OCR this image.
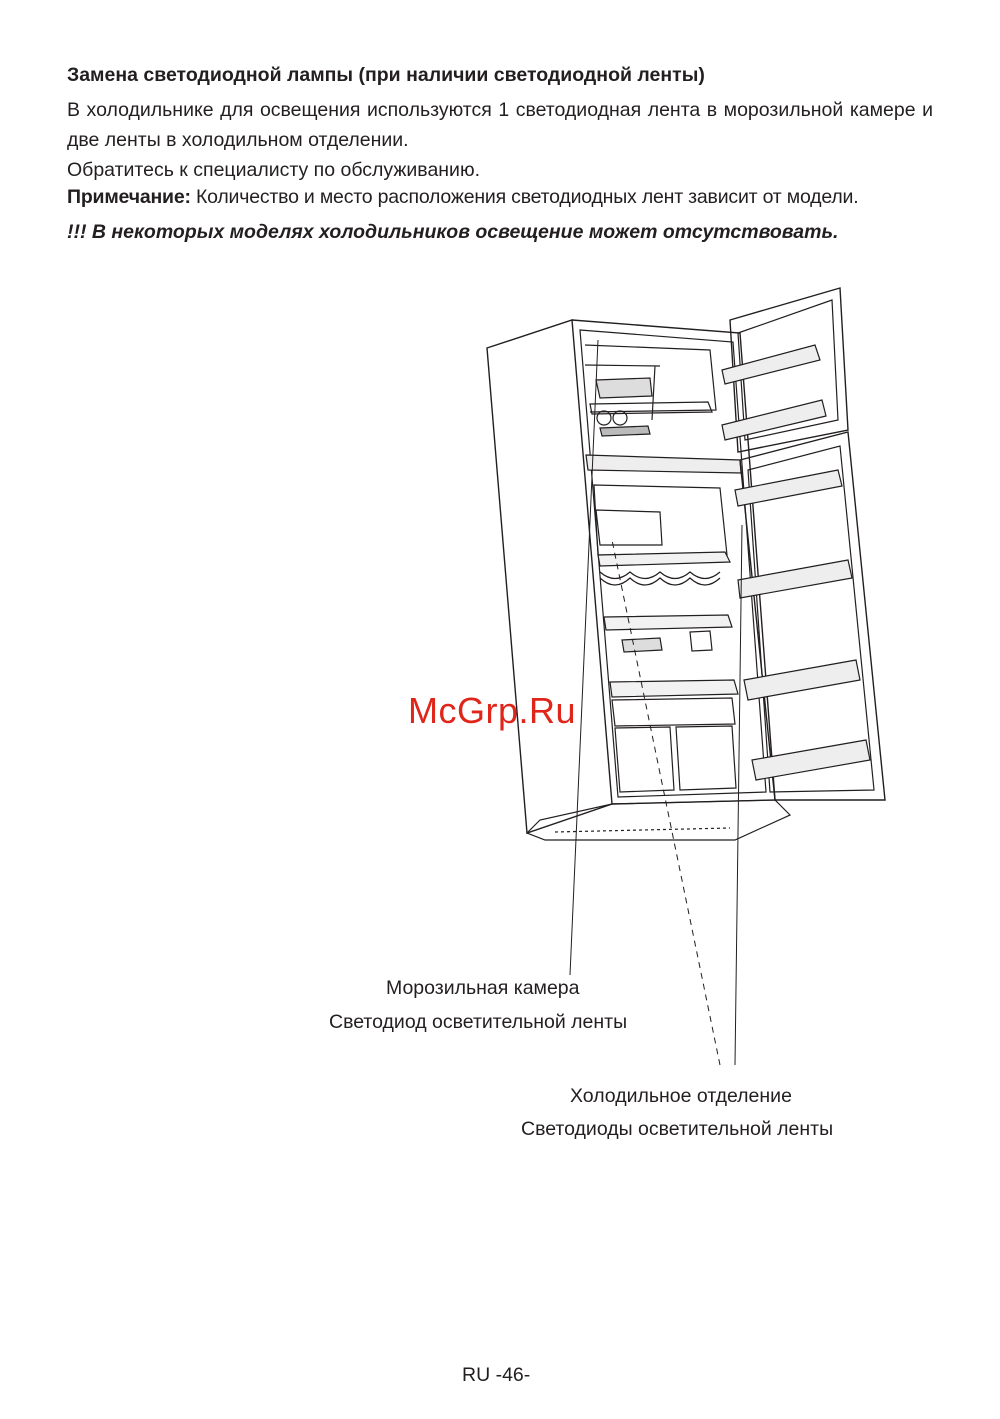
Замена светодиодной лампы (при наличии светодиодной ленты)
В холодильнике для освещения используются 1 светодиодная лента в морозильной камере и две ленты в холодильном отделении.
Обратитесь к специалисту по обслуживанию.
Примечание: Количество и место расположения светодиодных лент зависит от модели.
!!! В некоторых моделях холодильников освещение может отсутствовать.
McGrp.Ru
Морозильная камера
Светодиод осветительной ленты
Холодильное отделение
Светодиоды осветительной ленты
RU -46-
